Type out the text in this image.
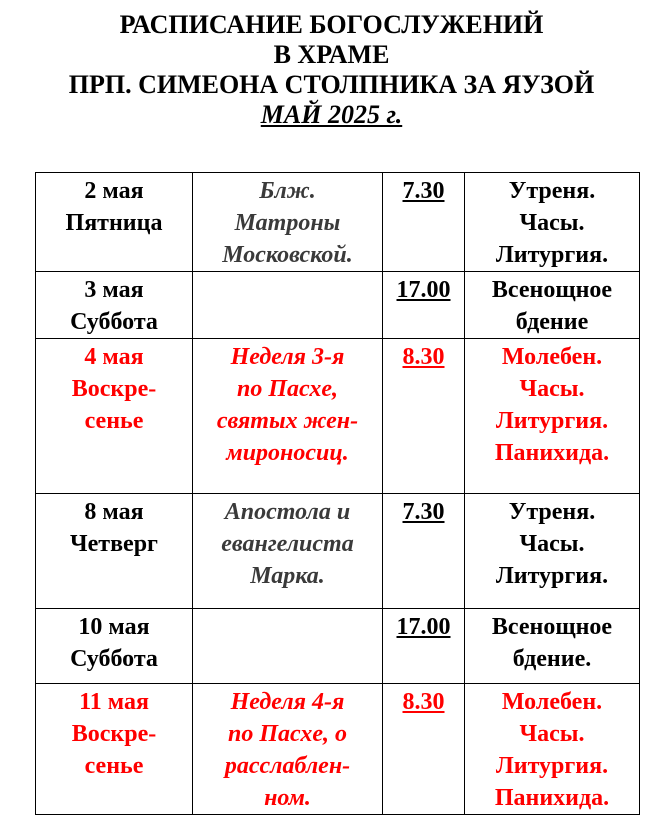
РАСПИСАНИЕ БОГОСЛУЖЕНИЙ
В ХРАМЕ
ПРП. СИМЕОНА СТОЛПНИКА ЗА ЯУЗОЙ
МАЙ 2025 г.
2 мая
Пятница	Блж.
Матроны
Московской.	7.30	Утреня.
Часы.
Литургия.

3 мая
Суббота		17.00	Всенощное
бдение

4 мая
Воскре-
сенье	Неделя 3-я
по Пасхе,
святых жен-
мироносиц.	8.30	Молебен.
Часы.
Литургия.
Панихида.

8 мая
Четверг	Апостола и
евангелиста
Марка.	7.30	Утреня.
Часы.
Литургия.

10 мая
Суббота		17.00	Всенощное
бдение.

11 мая
Воскре-
сенье	Неделя 4-я
по Пасхе, о
расслаблен-
ном.	8.30	Молебен.
Часы.
Литургия.
Панихида.
